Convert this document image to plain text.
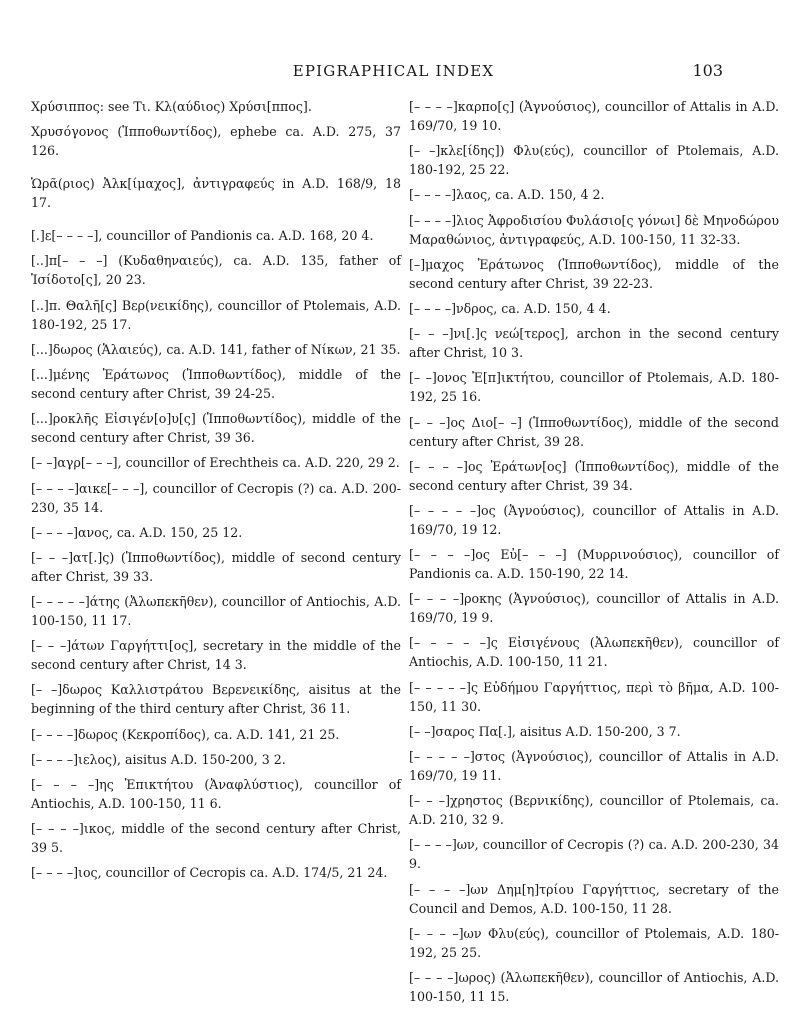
EPIGRAPHICAL INDEX	103

Χρύσιππος: see Τι. Κλ(αύδιος) Χρύσι[ππος].

Χρυσόγονος (Ἱπποθωντίδος), ephebe ca. A.D. 275, 37 126.

Ὡρᾶ(ριος) Ἀλκ[ίμαχος], ἀντιγραφεύς in A.D. 168/9, 18 17.

[.]ε[– – – –], councillor of Pandionis ca. A.D. 168, 20 4.

[..]π[– – –] (Κυδαθηναιεύς), ca. A.D. 135, father of Ἰσίδοτο[ς], 20 23.

[..]π. Θαλῆ[ς] Βερ(νεικίδης), councillor of Ptolemais, A.D. 180-192, 25 17.

[...]δωρος (Ἁλαιεύς), ca. A.D. 141, father of Νίκων, 21 35.

[...]μένης Ἐράτωνος (Ἱπποθωντίδος), middle of the second century after Christ, 39 24-25.

[...]ροκλῆς Εἰσιγέν[ο]υ[ς] (Ἱπποθωντίδος), middle of the second century after Christ, 39 36.

[– –]αγρ[– – –], councillor of Erechtheis ca. A.D. 220, 29 2.

[– – – –]αικε[– – –], councillor of Cecropis (?) ca. A.D. 200-230, 35 14.

[– – – –]ανος, ca. A.D. 150, 25 12.

[– – –]ατ[.]ς) (Ἱπποθωντίδος), middle of second century after Christ, 39 33.

[– – – – –]άτης (Ἀλωπεκῆθεν), councillor of Antiochis, A.D. 100-150, 11 17.

[– – –]άτων Γαργήττι[ος], secretary in the middle of the second century after Christ, 14 3.

[– –]δωρος Καλλιστράτου Βερενεικίδης, aisitus at the beginning of the third century after Christ, 36 11.

[– – – –]δωρος (Κεκροπίδος), ca. A.D. 141, 21 25.

[– – – –]ιελος), aisitus A.D. 150-200, 3 2.

[– – – –]ης Ἐπικτήτου (Ἀναφλύστιος), councillor of Antiochis, A.D. 100-150, 11 6.

[– – – –]ικος, middle of the second century after Christ, 39 5.

[– – – –]ιος, councillor of Cecropis ca. A.D. 174/5, 21 24.

[– – – –]καρπο[ς] (Ἀγνούσιος), councillor of Attalis in A.D. 169/70, 19 10.

[– –]κλε[ίδης]) Φλυ(εύς), councillor of Ptolemais, A.D. 180-192, 25 22.

[– – – –]λαος, ca. A.D. 150, 4 2.

[– – – –]λιος Ἀφροδισίου Φυλάσιο[ς γόνωι] δὲ Μηνοδώρου Μαραθώνιος, ἀντιγραφεύς, A.D. 100-150, 11 32-33.

[–]μαχος Ἐράτωνος (Ἱπποθωντίδος), middle of the second century after Christ, 39 22-23.

[– – – –]νδρος, ca. A.D. 150, 4 4.

[– – –]νι[.]ς νεώ[τερος], archon in the second century after Christ, 10 3.

[– –]ονος Ἐ[π]ικτήτου, councillor of Ptolemais, A.D. 180-192, 25 16.

[– – –]ος Διο[– –] (Ἱπποθωντίδος), middle of the second century after Christ, 39 28.

[– – – –]ος Ἐράτων[ος] (Ἱπποθωντίδος), middle of the second century after Christ, 39 34.

[– – – – –]ος (Ἀγνούσιος), councillor of Attalis in A.D. 169/70, 19 12.

[– – – –]ος Εὐ[– – –] (Μυρρινούσιος), councillor of Pandionis ca. A.D. 150-190, 22 14.

[– – – –]ροκης (Ἀγνούσιος), councillor of Attalis in A.D. 169/70, 19 9.

[– – – – –]ς Εἰσιγένους (Ἀλωπεκῆθεν), councillor of Antiochis, A.D. 100-150, 11 21.

[– – – – –]ς Εὐδήμου Γαργήττιος, περὶ τὸ βῆμα, A.D. 100-150, 11 30.

[– –]σαρος Πα[.], aisitus A.D. 150-200, 3 7.

[– – – – –]στος (Ἀγνούσιος), councillor of Attalis in A.D. 169/70, 19 11.

[– – –]χρηστος (Βερνικίδης), councillor of Ptolemais, ca. A.D. 210, 32 9.

[– – – –]ων, councillor of Cecropis (?) ca. A.D. 200-230, 34 9.

[– – – –]ων Δημ[η]τρίου Γαργήττιος, secretary of the Council and Demos, A.D. 100-150, 11 28.

[– – – –]ων Φλυ(εύς), councillor of Ptolemais, A.D. 180-192, 25 25.

[– – – –]ωρος) (Ἀλωπεκῆθεν), councillor of Antiochis, A.D. 100-150, 11 15.
